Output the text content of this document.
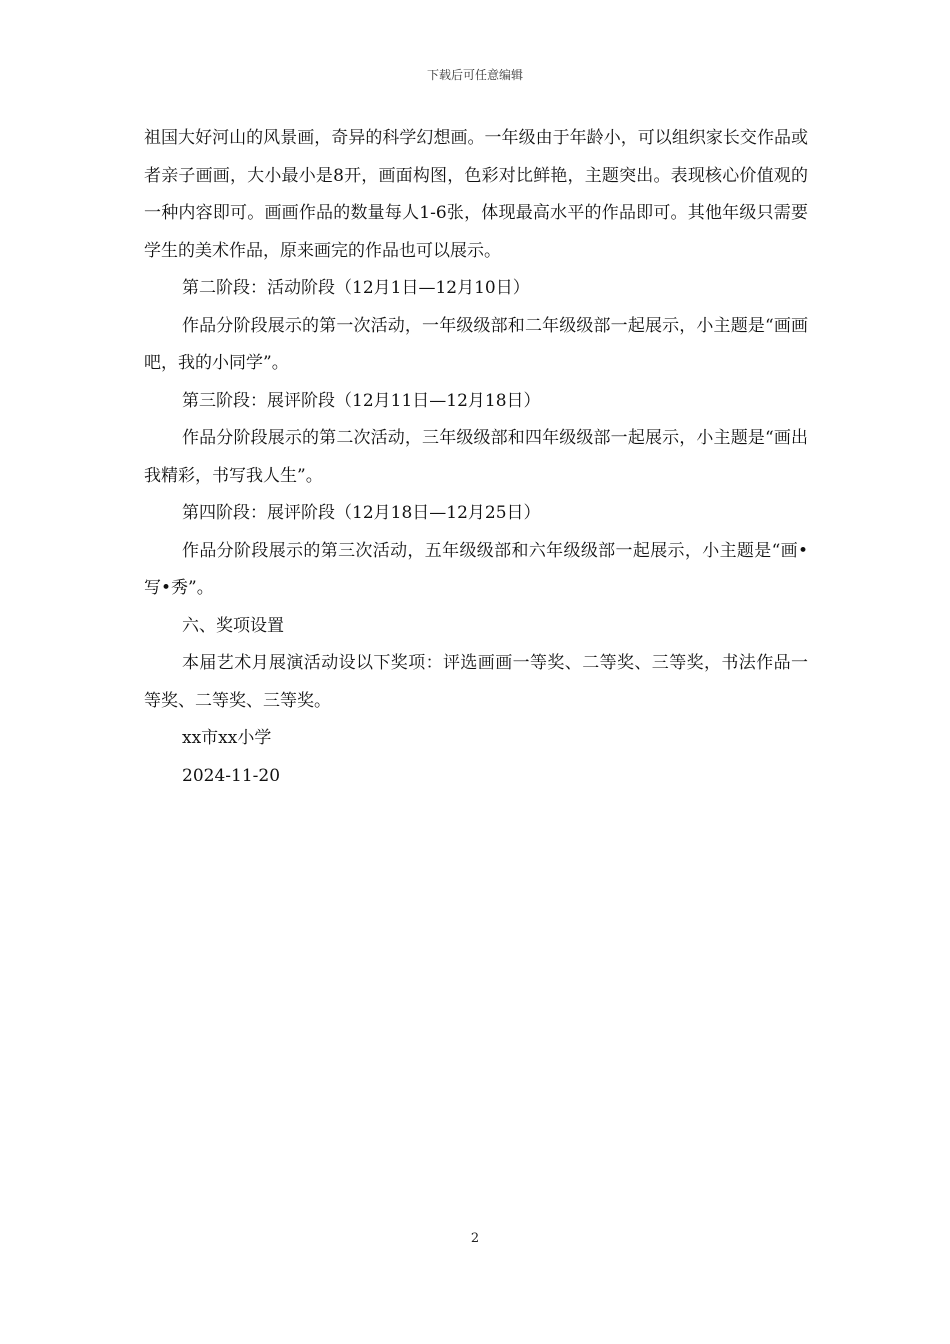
下载后可任意编辑

祖国大好河山的风景画，奇异的科学幻想画。一年级由于年龄小，可以组织家长交作品或者亲子画画，大小最小是8开，画面构图，色彩对比鲜艳，主题突出。表现核心价值观的一种内容即可。画画作品的数量每人1-6张，体现最高水平的作品即可。其他年级只需要学生的美术作品，原来画完的作品也可以展示。

第二阶段：活动阶段（12月1日—12月10日）

作品分阶段展示的第一次活动，一年级级部和二年级级部一起展示，小主题是“画画吧，我的小同学”。

第三阶段：展评阶段（12月11日—12月18日）

作品分阶段展示的第二次活动，三年级级部和四年级级部一起展示，小主题是“画出我精彩，书写我人生”。

第四阶段：展评阶段（12月18日—12月25日）

作品分阶段展示的第三次活动，五年级级部和六年级级部一起展示，小主题是“画•写•秀”。

六、奖项设置

本届艺术月展演活动设以下奖项：评选画画一等奖、二等奖、三等奖，书法作品一等奖、二等奖、三等奖。

xx市xx小学

2024-11-20

2
